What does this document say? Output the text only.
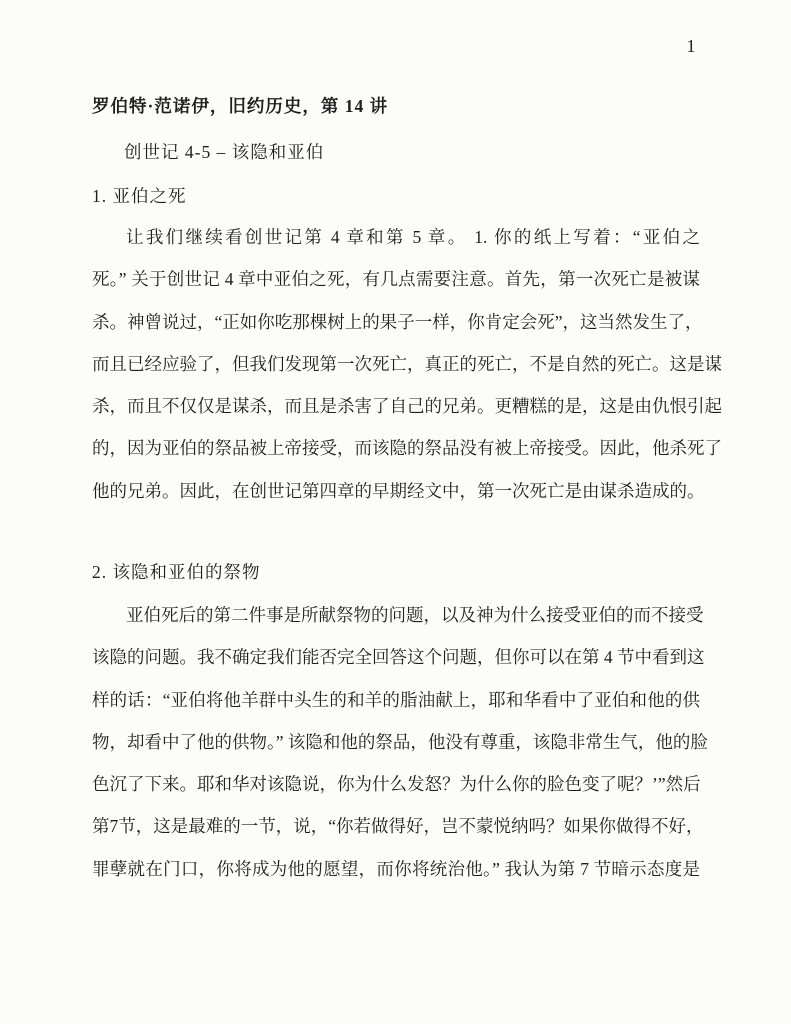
1
罗伯特·范诺伊，旧约历史，第 14 讲
创世记 4-5 – 该隐和亚伯
1. 亚伯之死
让我们继续看创世记第 4 章和第 5 章。 1. 你的纸上写着：“亚伯之
死。” 关于创世记 4 章中亚伯之死，有几点需要注意。首先，第一次死亡是被谋
杀。神曾说过，“正如你吃那棵树上的果子一样，你肯定会死”，这当然发生了，
而且已经应验了，但我们发现第一次死亡，真正的死亡，不是自然的死亡。这是谋
杀，而且不仅仅是谋杀，而且是杀害了自己的兄弟。更糟糕的是，这是由仇恨引起
的，因为亚伯的祭品被上帝接受，而该隐的祭品没有被上帝接受。因此，他杀死了
他的兄弟。因此，在创世记第四章的早期经文中，第一次死亡是由谋杀造成的。
2. 该隐和亚伯的祭物
亚伯死后的第二件事是所献祭物的问题，以及神为什么接受亚伯的而不接受
该隐的问题。我不确定我们能否完全回答这个问题，但你可以在第 4 节中看到这
样的话：“亚伯将他羊群中头生的和羊的脂油献上，耶和华看中了亚伯和他的供
物，却看中了他的供物。” 该隐和他的祭品，他没有尊重，该隐非常生气，他的脸
色沉了下来。耶和华对该隐说，你为什么发怒？为什么你的脸色变了呢？’”然后
第7节，这是最难的一节，说，“你若做得好，岂不蒙悦纳吗？如果你做得不好，
罪孽就在门口，你将成为他的愿望，而你将统治他。” 我认为第 7 节暗示态度是
